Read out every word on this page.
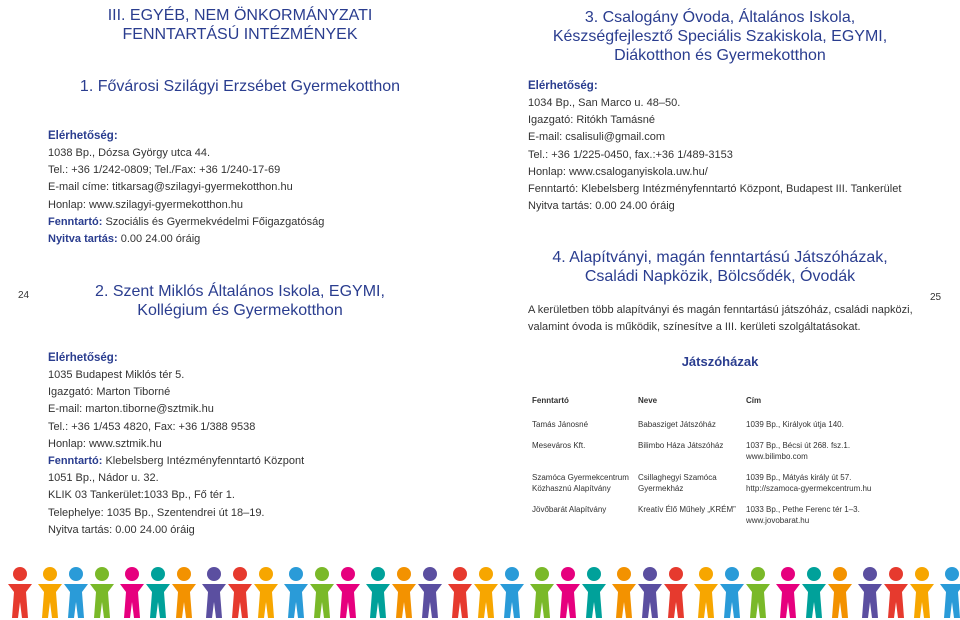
24	25
III. EGYÉB, NEM ÖNKORMÁNYZATI
FENNTARTÁSÚ INTÉZMÉNYEK
1. Fővárosi Szilágyi Erzsébet Gyermekotthon
Elérhetőség:
1038 Bp., Dózsa György utca 44.
Tel.: +36 1/242-0809; Tel./Fax: +36 1/240-17-69
E-mail címe: titkarsag@szilagyi-gyermekotthon.hu
Honlap: www.szilagyi-gyermekotthon.hu
Fenntartó: Szociális és Gyermekvédelmi Főigazgatóság
Nyitva tartás: 0.00 24.00 óráig
2. Szent Miklós Általános Iskola, EGYMI,
Kollégium és Gyermekotthon
Elérhetőség:
1035 Budapest Miklós tér 5.
Igazgató: Marton Tiborné
E-mail: marton.tiborne@sztmik.hu
Tel.: +36 1/453 4820, Fax: +36 1/388 9538
Honlap: www.sztmik.hu
Fenntartó: Klebelsberg Intézményfenntartó Központ
1051 Bp., Nádor u. 32.
KLIK 03 Tankerület:1033 Bp., Fő tér 1.
Telephelye: 1035 Bp., Szentendrei út 18–19.
Nyitva tartás: 0.00 24.00 óráig
3. Csalogány Óvoda, Általános Iskola,
Készségfejlesztő Speciális Szakiskola, EGYMI,
Diákotthon és Gyermekotthon
Elérhetőség:
1034 Bp., San Marco u. 48–50.
Igazgató: Ritókh Tamásné
E-mail: csalisuli@gmail.com
Tel.: +36 1/225-0450, fax.:+36 1/489-3153
Honlap: www.csaloganyiskola.uw.hu/
Fenntartó: Klebelsberg Intézményfenntartó Központ, Budapest III. Tankerület
Nyitva tartás: 0.00 24.00 óráig
4. Alapítványi, magán fenntartású Játszóházak,
Családi Napközik, Bölcsődék, Óvodák
A kerületben több alapítványi és magán fenntartású játszóház, családi napközi,
valamint óvoda is működik, színesítve a III. kerületi szolgáltatásokat.
Játszóházak
Fenntartó	Neve	Cím
Tamás Jánosné	Babasziget Játszóház	1039 Bp., Királyok útja 140.
Meseváros Kft.	Bilimbo Háza Játszóház	1037 Bp., Bécsi út 268. fsz.1.
www.bilimbo.com
Szamóca Gyermekcentrum
Közhasznú Alapítvány	Csillaghegyi Szamóca
Gyermekház	1039 Bp., Mátyás király út 57.
http://szamoca-gyermekcentrum.hu
Jövőbarát Alapítvány	Kreatív Élő Műhely „KRÉM”	1033 Bp., Pethe Ferenc tér 1–3.
www.jovobarat.hu
